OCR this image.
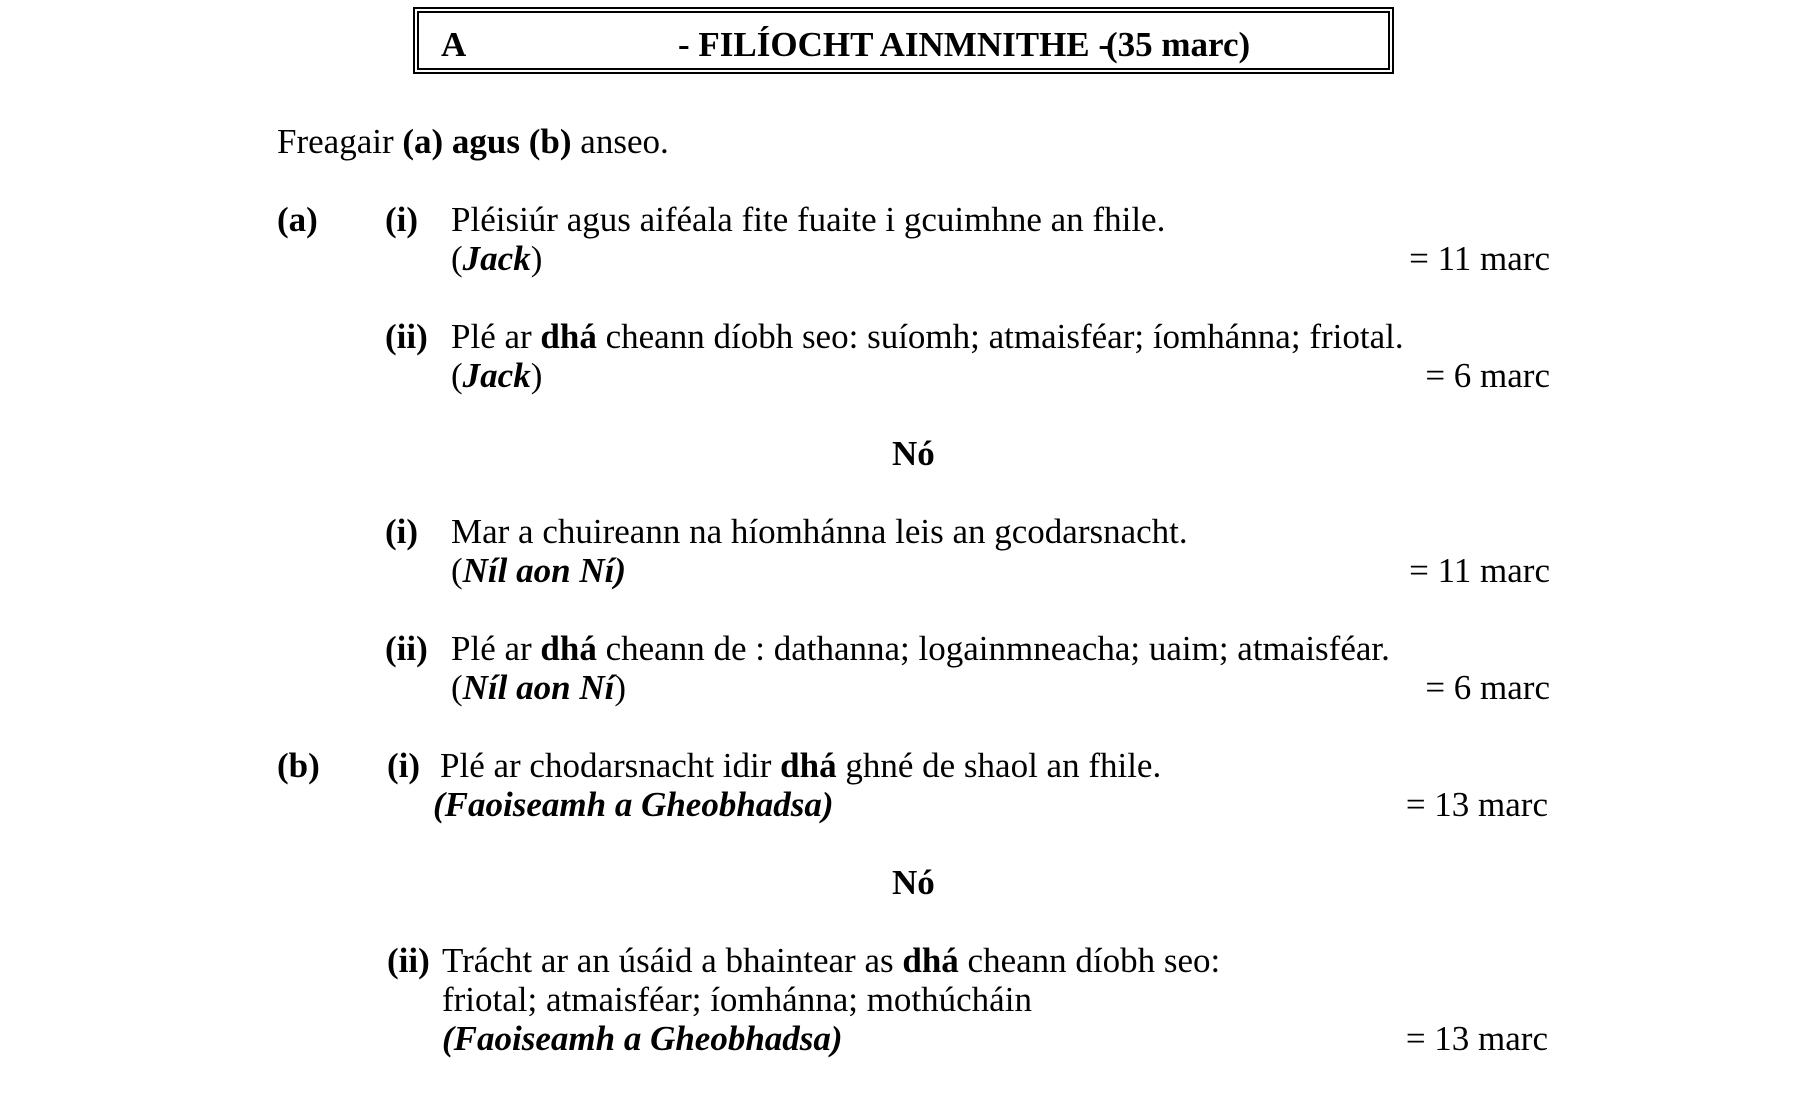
A	- FILÍOCHT AINMNITHE -
(35 marc)
Freagair (a) agus (b) anseo.
(a) (i) Pléisiúr agus aiféala fite fuaite i gcuimhne an fhile.
(Jack)	= 11 marc
(ii) Plé ar dhá cheann díobh seo: suíomh; atmaisféar; íomhánna; friotal.
(Jack)	= 6 marc
Nó
(i) Mar a chuireann na híomhánna leis an gcodarsnacht.
(Níl aon Ní)	= 11 marc
(ii) Plé ar dhá cheann de : dathanna; logainmneacha; uaim; atmaisféar.
(Níl aon Ní)	= 6 marc
(b) (i) Plé ar chodarsnacht idir dhá ghné de shaol an fhile.
(Faoiseamh a Gheobhadsa)	= 13 marc
Nó
(ii) Trácht ar an úsáid a bhaintear as dhá cheann díobh seo:
friotal; atmaisféar; íomhánna; mothúcháin
(Faoiseamh a Gheobhadsa)	= 13 marc
